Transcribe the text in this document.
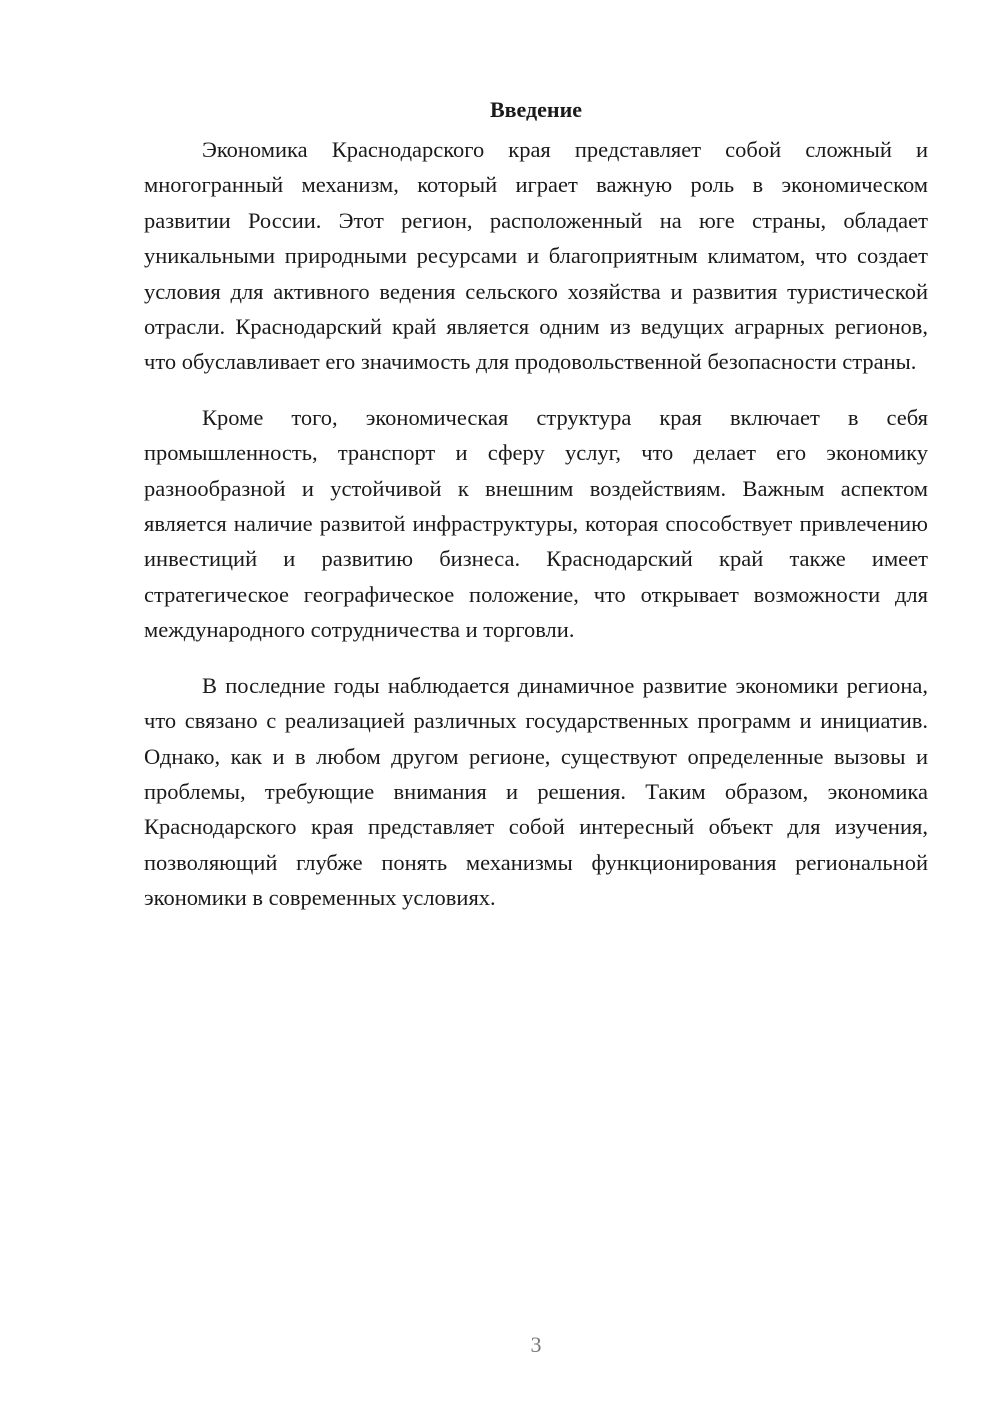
Введение

Экономика Краснодарского края представляет собой сложный и многогранный механизм, который играет важную роль в экономическом развитии России. Этот регион, расположенный на юге страны, обладает уникальными природными ресурсами и благоприятным климатом, что создает условия для активного ведения сельского хозяйства и развития туристической отрасли. Краснодарский край является одним из ведущих аграрных регионов, что обуславливает его значимость для продовольственной безопасности страны.

Кроме того, экономическая структура края включает в себя промышленность, транспорт и сферу услуг, что делает его экономику разнообразной и устойчивой к внешним воздействиям. Важным аспектом является наличие развитой инфраструктуры, которая способствует привлечению инвестиций и развитию бизнеса. Краснодарский край также имеет стратегическое географическое положение, что открывает возможности для международного сотрудничества и торговли.

В последние годы наблюдается динамичное развитие экономики региона, что связано с реализацией различных государственных программ и инициатив. Однако, как и в любом другом регионе, существуют определенные вызовы и проблемы, требующие внимания и решения. Таким образом, экономика Краснодарского края представляет собой интересный объект для изучения, позволяющий глубже понять механизмы функционирования региональной экономики в современных условиях.

3
